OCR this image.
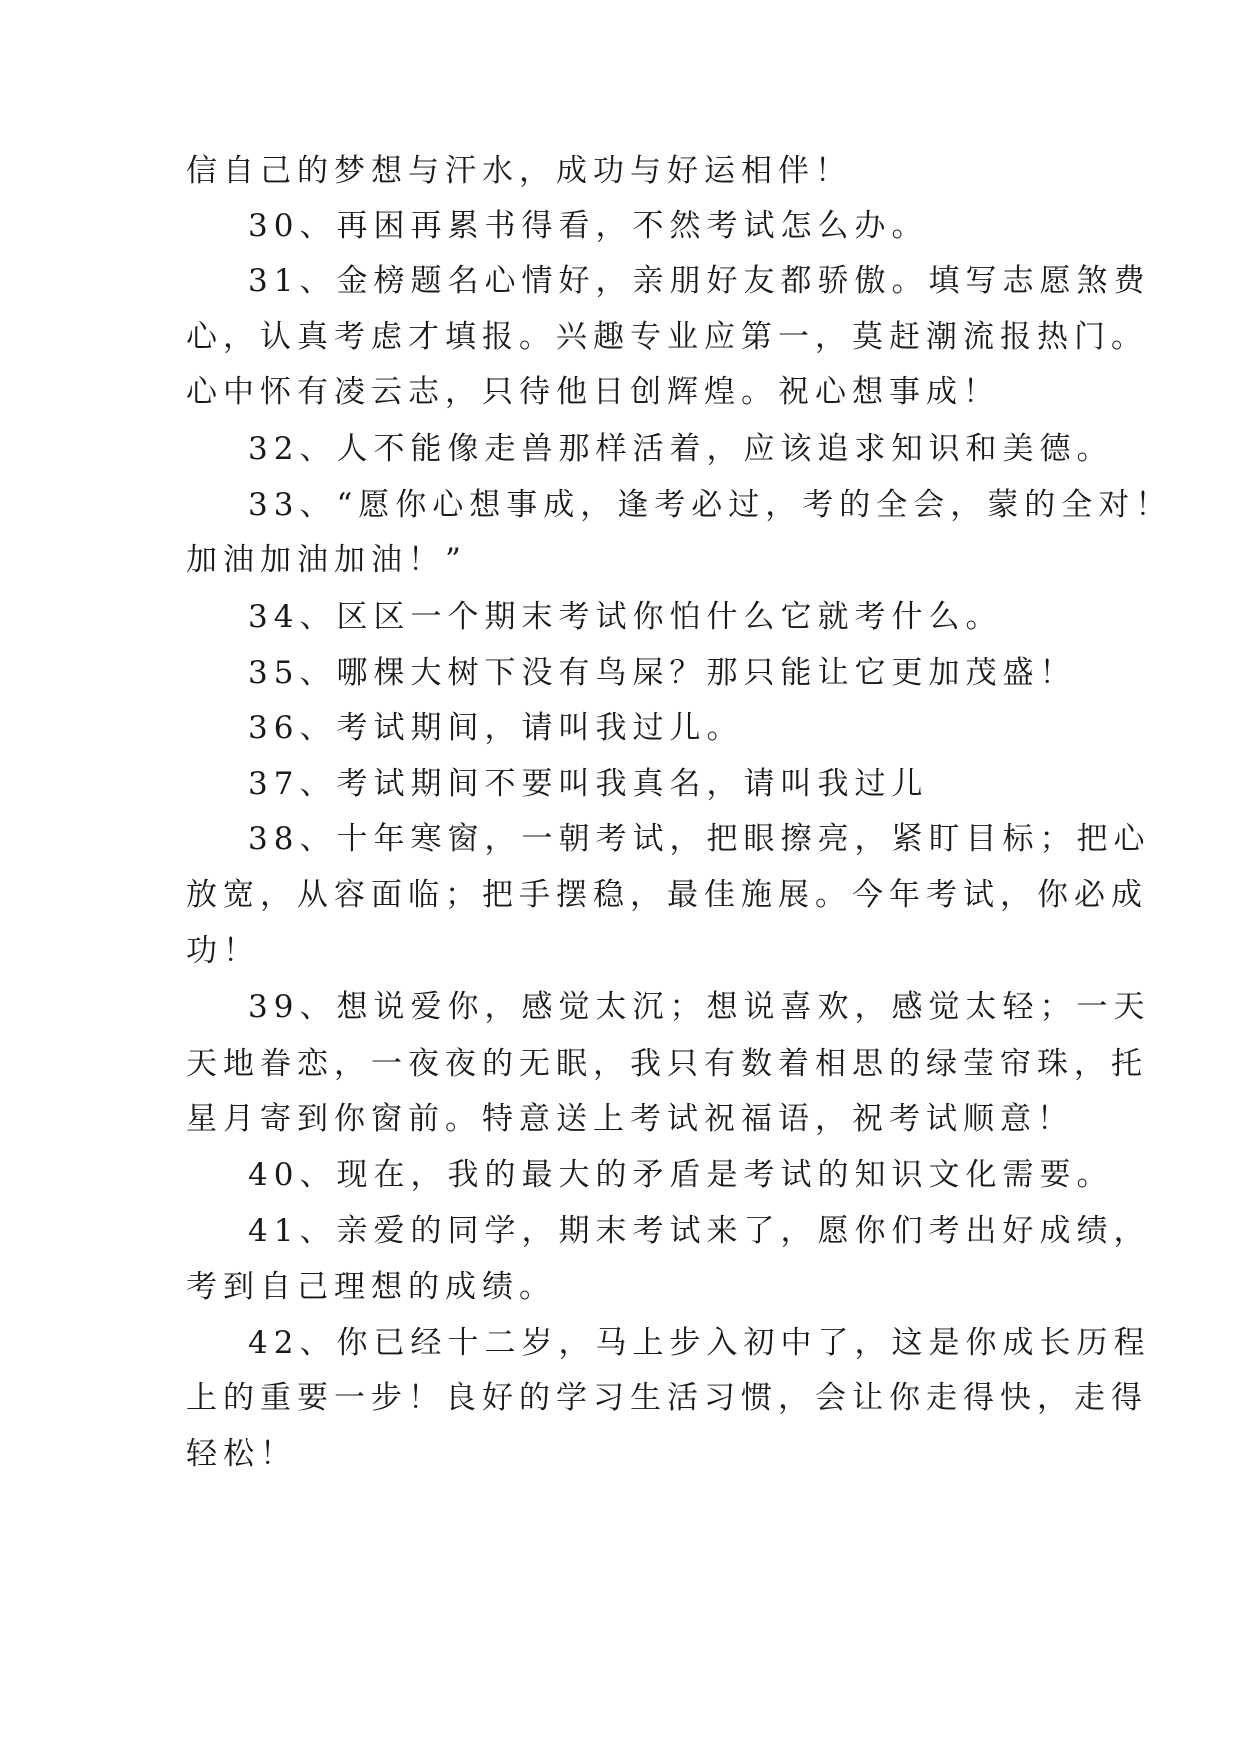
信自己的梦想与汗水，成功与好运相伴！
30、再困再累书得看，不然考试怎么办。
31、金榜题名心情好，亲朋好友都骄傲。填写志愿煞费
心，认真考虑才填报。兴趣专业应第一，莫赶潮流报热门。
心中怀有凌云志，只待他日创辉煌。祝心想事成！
32、人不能像走兽那样活着，应该追求知识和美德。
33、“愿你心想事成，逢考必过，考的全会，蒙的全对！
加油加油加油！”
34、区区一个期末考试你怕什么它就考什么。
35、哪棵大树下没有鸟屎？那只能让它更加茂盛！
36、考试期间，请叫我过儿。
37、考试期间不要叫我真名，请叫我过儿
38、十年寒窗，一朝考试，把眼擦亮，紧盯目标；把心
放宽，从容面临；把手摆稳，最佳施展。今年考试，你必成
功！
39、想说爱你，感觉太沉；想说喜欢，感觉太轻；一天
天地眷恋，一夜夜的无眠，我只有数着相思的绿莹帘珠，托
星月寄到你窗前。特意送上考试祝福语，祝考试顺意！
40、现在，我的最大的矛盾是考试的知识文化需要。
41、亲爱的同学，期末考试来了，愿你们考出好成绩，
考到自己理想的成绩。
42、你已经十二岁，马上步入初中了，这是你成长历程
上的重要一步！良好的学习生活习惯，会让你走得快，走得
轻松！
